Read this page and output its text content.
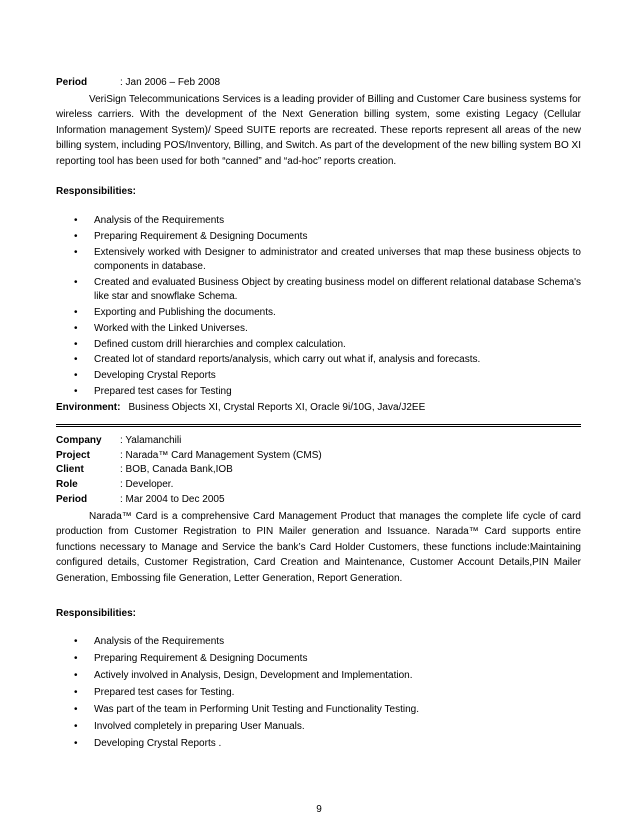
Period	: Jan 2006 – Feb 2008
VeriSign Telecommunications Services is a leading provider of Billing and Customer Care business systems for wireless carriers. With the development of the Next Generation billing system, some existing Legacy (Cellular Information management System)/ Speed SUITE reports are recreated. These reports represent all areas of the new billing system, including POS/Inventory, Billing, and Switch. As part of the development of the new billing system BO XI reporting tool has been used for both “canned” and “ad-hoc” reports creation.
Responsibilities:
• Analysis of the Requirements
• Preparing Requirement & Designing Documents
• Extensively worked with Designer to administrator and created universes that map these business objects to components in database.
• Created and evaluated Business Object by creating business model on different relational database Schema's like star and snowflake Schema.
• Exporting and Publishing the documents.
• Worked with the Linked Universes.
• Defined custom drill hierarchies and complex calculation.
• Created lot of standard reports/analysis, which carry out what if, analysis and forecasts.
• Developing Crystal Reports
• Prepared test cases for Testing
Environment: Business Objects XI, Crystal Reports XI, Oracle 9i/10G, Java/J2EE
Company	: Yalamanchili
Project	: Narada™ Card Management System (CMS)
Client	: BOB, Canada Bank,IOB
Role	: Developer.
Period	: Mar 2004 to Dec 2005
Narada™ Card is a comprehensive Card Management Product that manages the complete life cycle of card production from Customer Registration to PIN Mailer generation and Issuance. Narada™ Card supports entire functions necessary to Manage and Service the bank’s Card Holder Customers, these functions include:Maintaining configured details, Customer Registration, Card Creation and Maintenance, Customer Account Details,PIN Mailer Generation, Embossing file Generation, Letter Generation, Report Generation.
Responsibilities:
• Analysis of the Requirements
• Preparing Requirement & Designing Documents
• Actively involved in Analysis, Design, Development and Implementation.
• Prepared test cases for Testing.
• Was part of the team in Performing Unit Testing and Functionality Testing.
• Involved completely in preparing User Manuals.
• Developing Crystal Reports .
9
